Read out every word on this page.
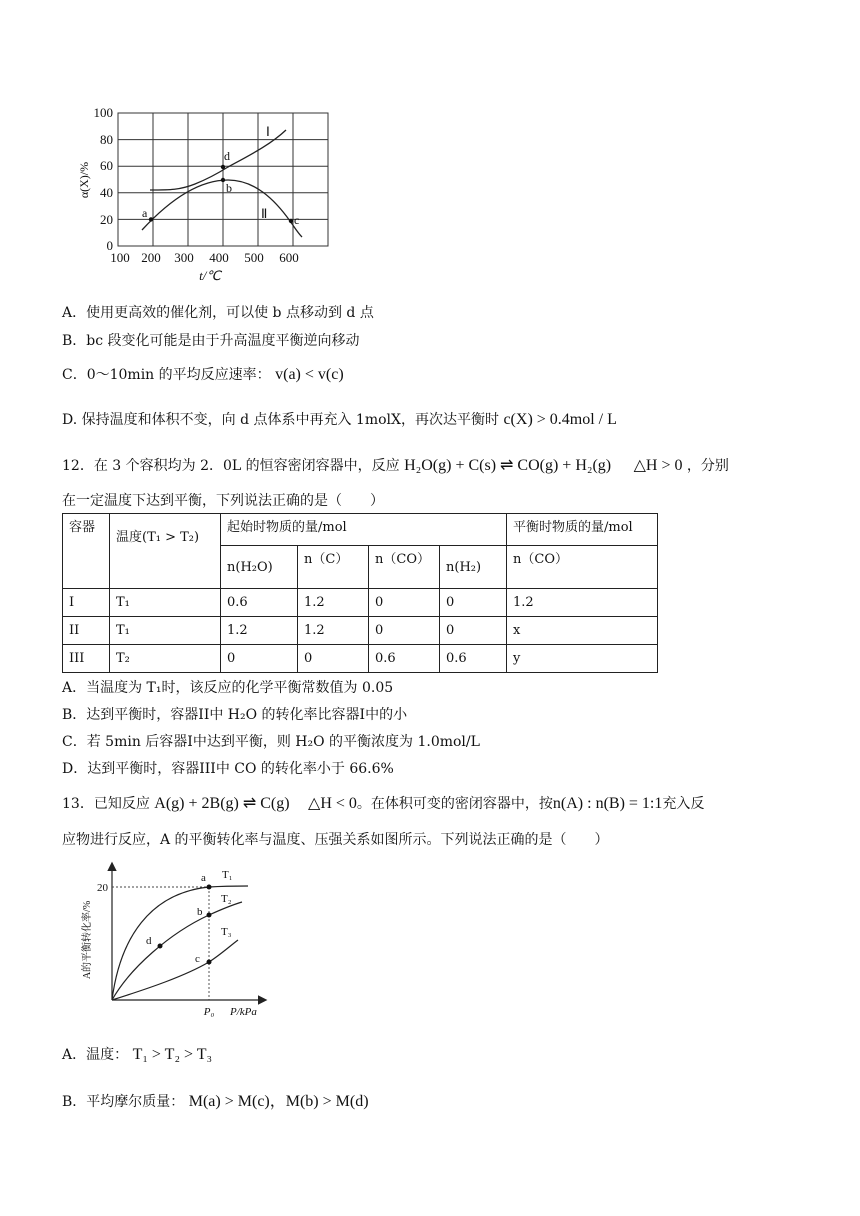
a
b
c
d
Ⅰ
Ⅱ
100
80
60
40
20
0
100 200 300 400 500 600
t/℃
α(X)/%
A．使用更高效的催化剂，可以使 b 点移动到 d 点
B．bc 段变化可能是由于升高温度平衡逆向移动
C．0～10min 的平均反应速率： v(a) < v(c)
D. 保持温度和体积不变，向 d 点体系中再充入 1molX，再次达平衡时 c(X) > 0.4mol / L
12．在 3 个容积均为 2．0L 的恒容密闭容器中，反应 H₂O(g) + C(s) ⇌ CO(g) + H₂(g) △H > 0 ，分别
在一定温度下达到平衡，下列说法正确的是（　　）
容器	温度(T₁ > T₂)	起始时物质的量/mol				平衡时物质的量/mol
		n(H₂O)	n（C）	n（CO）	n(H₂)	n（CO）
I	T₁	0.6	1.2	0	0	1.2
II	T₁	1.2	1.2	0	0	x
III	T₂	0	0	0.6	0.6	y
A．当温度为 T₁时，该反应的化学平衡常数值为 0.05
B．达到平衡时，容器II中 H₂O 的转化率比容器I中的小
C．若 5min 后容器I中达到平衡，则 H₂O 的平衡浓度为 1.0mol/L
D．达到平衡时，容器III中 CO 的转化率小于 66.6%
13．已知反应 A(g) + 2B(g) ⇌ C(g) △H < 0。在体积可变的密闭容器中，按n(A) : n(B) = 1:1充入反
应物进行反应，A 的平衡转化率与温度、压强关系如图所示。下列说法正确的是（　　）
a
b
c
d
T₁
T₂
T₃
20
P₀ P/kPa
A的平衡转化率/%
A．温度： T₁ > T₂ > T₃
B．平均摩尔质量： M(a) > M(c)，M(b) > M(d)
